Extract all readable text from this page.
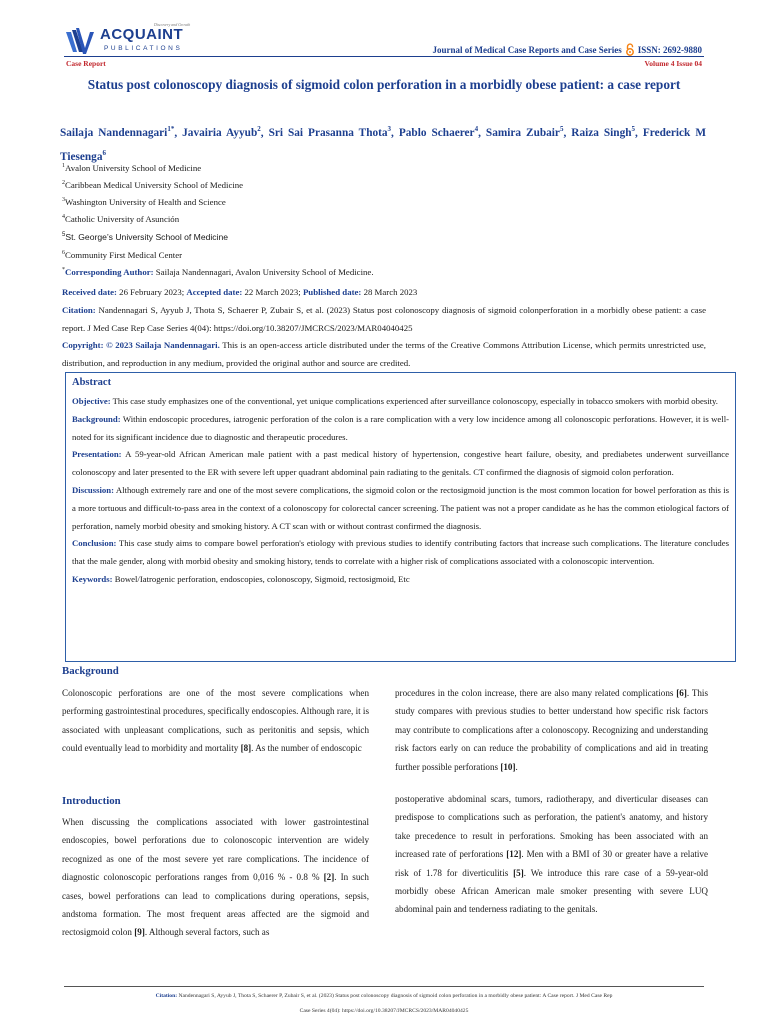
ACQUAINT
PUBLICATIONS
Discovery and Growth
Journal of Medical Case Reports and Case Series ISSN: 2692-9880
Case Report	Volume 4 Issue 04
Status post colonoscopy diagnosis of sigmoid colon perforation in a morbidly obese patient: a case report
Sailaja Nandennagari$^{1*}$, Javairia Ayyub$^2$, Sri Sai Prasanna Thota$^3$, Pablo Schaerer$^4$, Samira Zubair$^5$, Raiza Singh$^5$, Frederick M Tiesenga$^6$
$^1$Avalon University School of Medicine
$^2$Caribbean Medical University School of Medicine
$^3$Washington University of Health and Science
$^4$Catholic University of Asunción
$^5$St. George’s University School of Medicine
$^6$Community First Medical Center
*Corresponding Author: Sailaja Nandennagari, Avalon University School of Medicine.
Received date: 26 February 2023; Accepted date: 22 March 2023; Published date: 28 March 2023
Citation: Nandennagari S, Ayyub J, Thota S, Schaerer P, Zubair S, et al. (2023) Status post colonoscopy diagnosis of sigmoid colonperforation in a morbidly obese patient: a case report. J Med Case Rep Case Series 4(04): https://doi.org/10.38207/JMCRCS/2023/MAR04040425
Copyright: © 2023 Sailaja Nandennagari. This is an open-access article distributed under the terms of the Creative Commons Attribution License, which permits unrestricted use, distribution, and reproduction in any medium, provided the original author and source are credited.
Abstract

Objective: This case study emphasizes one of the conventional, yet unique complications experienced after surveillance colonoscopy, especially in tobacco smokers with morbid obesity.

Background: Within endoscopic procedures, iatrogenic perforation of the colon is a rare complication with a very low incidence among all colonoscopic perforations. However, it is well-noted for its significant incidence due to diagnostic and therapeutic procedures.

Presentation: A 59-year-old African American male patient with a past medical history of hypertension, congestive heart failure, obesity, and prediabetes underwent surveillance colonoscopy and later presented to the ER with severe left upper quadrant abdominal pain radiating to the genitals. CT confirmed the diagnosis of sigmoid colon perforation.

Discussion: Although extremely rare and one of the most severe complications, the sigmoid colon or the rectosigmoid junction is the most common location for bowel perforation as this is a more tortuous and difficult-to-pass area in the context of a colonoscopy for colorectal cancer screening. The patient was not a proper candidate as he has the common etiological factors of perforation, namely morbid obesity and smoking history. A CT scan with or without contrast confirmed the diagnosis.

Conclusion: This case study aims to compare bowel perforation's etiology with previous studies to identify contributing factors that increase such complications. The literature concludes that the male gender, along with morbid obesity and smoking history, tends to correlate with a higher risk of complications associated with a colonoscopic intervention.

Keywords: Bowel/Iatrogenic perforation, endoscopies, colonoscopy, Sigmoid, rectosigmoid, Etc

Background
Colonoscopic perforations are one of the most severe complications when performing gastrointestinal procedures, specifically endoscopies. Although rare, it is associated with unpleasant complications, such as peritonitis and sepsis, which could eventually lead to morbidity and mortality [8]. As the number of endoscopic
Introduction
When discussing the complications associated with lower gastrointestinal endoscopies, bowel perforations due to colonoscopic intervention are widely recognized as one of the most severe yet rare complications. The incidence of diagnostic colonoscopic perforations ranges from 0,016 % - 0.8 % [2]. In such cases, bowel perforations can lead to complications during operations, sepsis, andstoma formation. The most frequent areas affected are the sigmoid and rectosigmoid colon [9]. Although several factors, such as
procedures in the colon increase, there are also many related complications [6]. This study compares with previous studies to better understand how specific risk factors may contribute to complications after a colonoscopy. Recognizing and understanding risk factors early on can reduce the probability of complications and aid in treating further possible perforations [10].
postoperative abdominal scars, tumors, radiotherapy, and diverticular diseases can predispose to complications such as perforation, the patient's anatomy, and history take precedence to result in perforations. Smoking has been associated with an increased rate of perforations [12]. Men with a BMI of 30 or greater have a relative risk of 1.78 for diverticulitis [5]. We introduce this rare case of a 59-year-old morbidly obese African American male smoker presenting with severe LUQ abdominal pain and tenderness radiating to the genitals.
Citation: Nandennagari S, Ayyub J, Thota S, Schaerer P, Zubair S, et al. (2023) Status post colonoscopy diagnosis of sigmoid colon perforation in a morbidly obese patient: A Case report. J Med Case Rep
Case Series 4(04): https://doi.org/10.38207/JMCRCS/2023/MAR04040425
